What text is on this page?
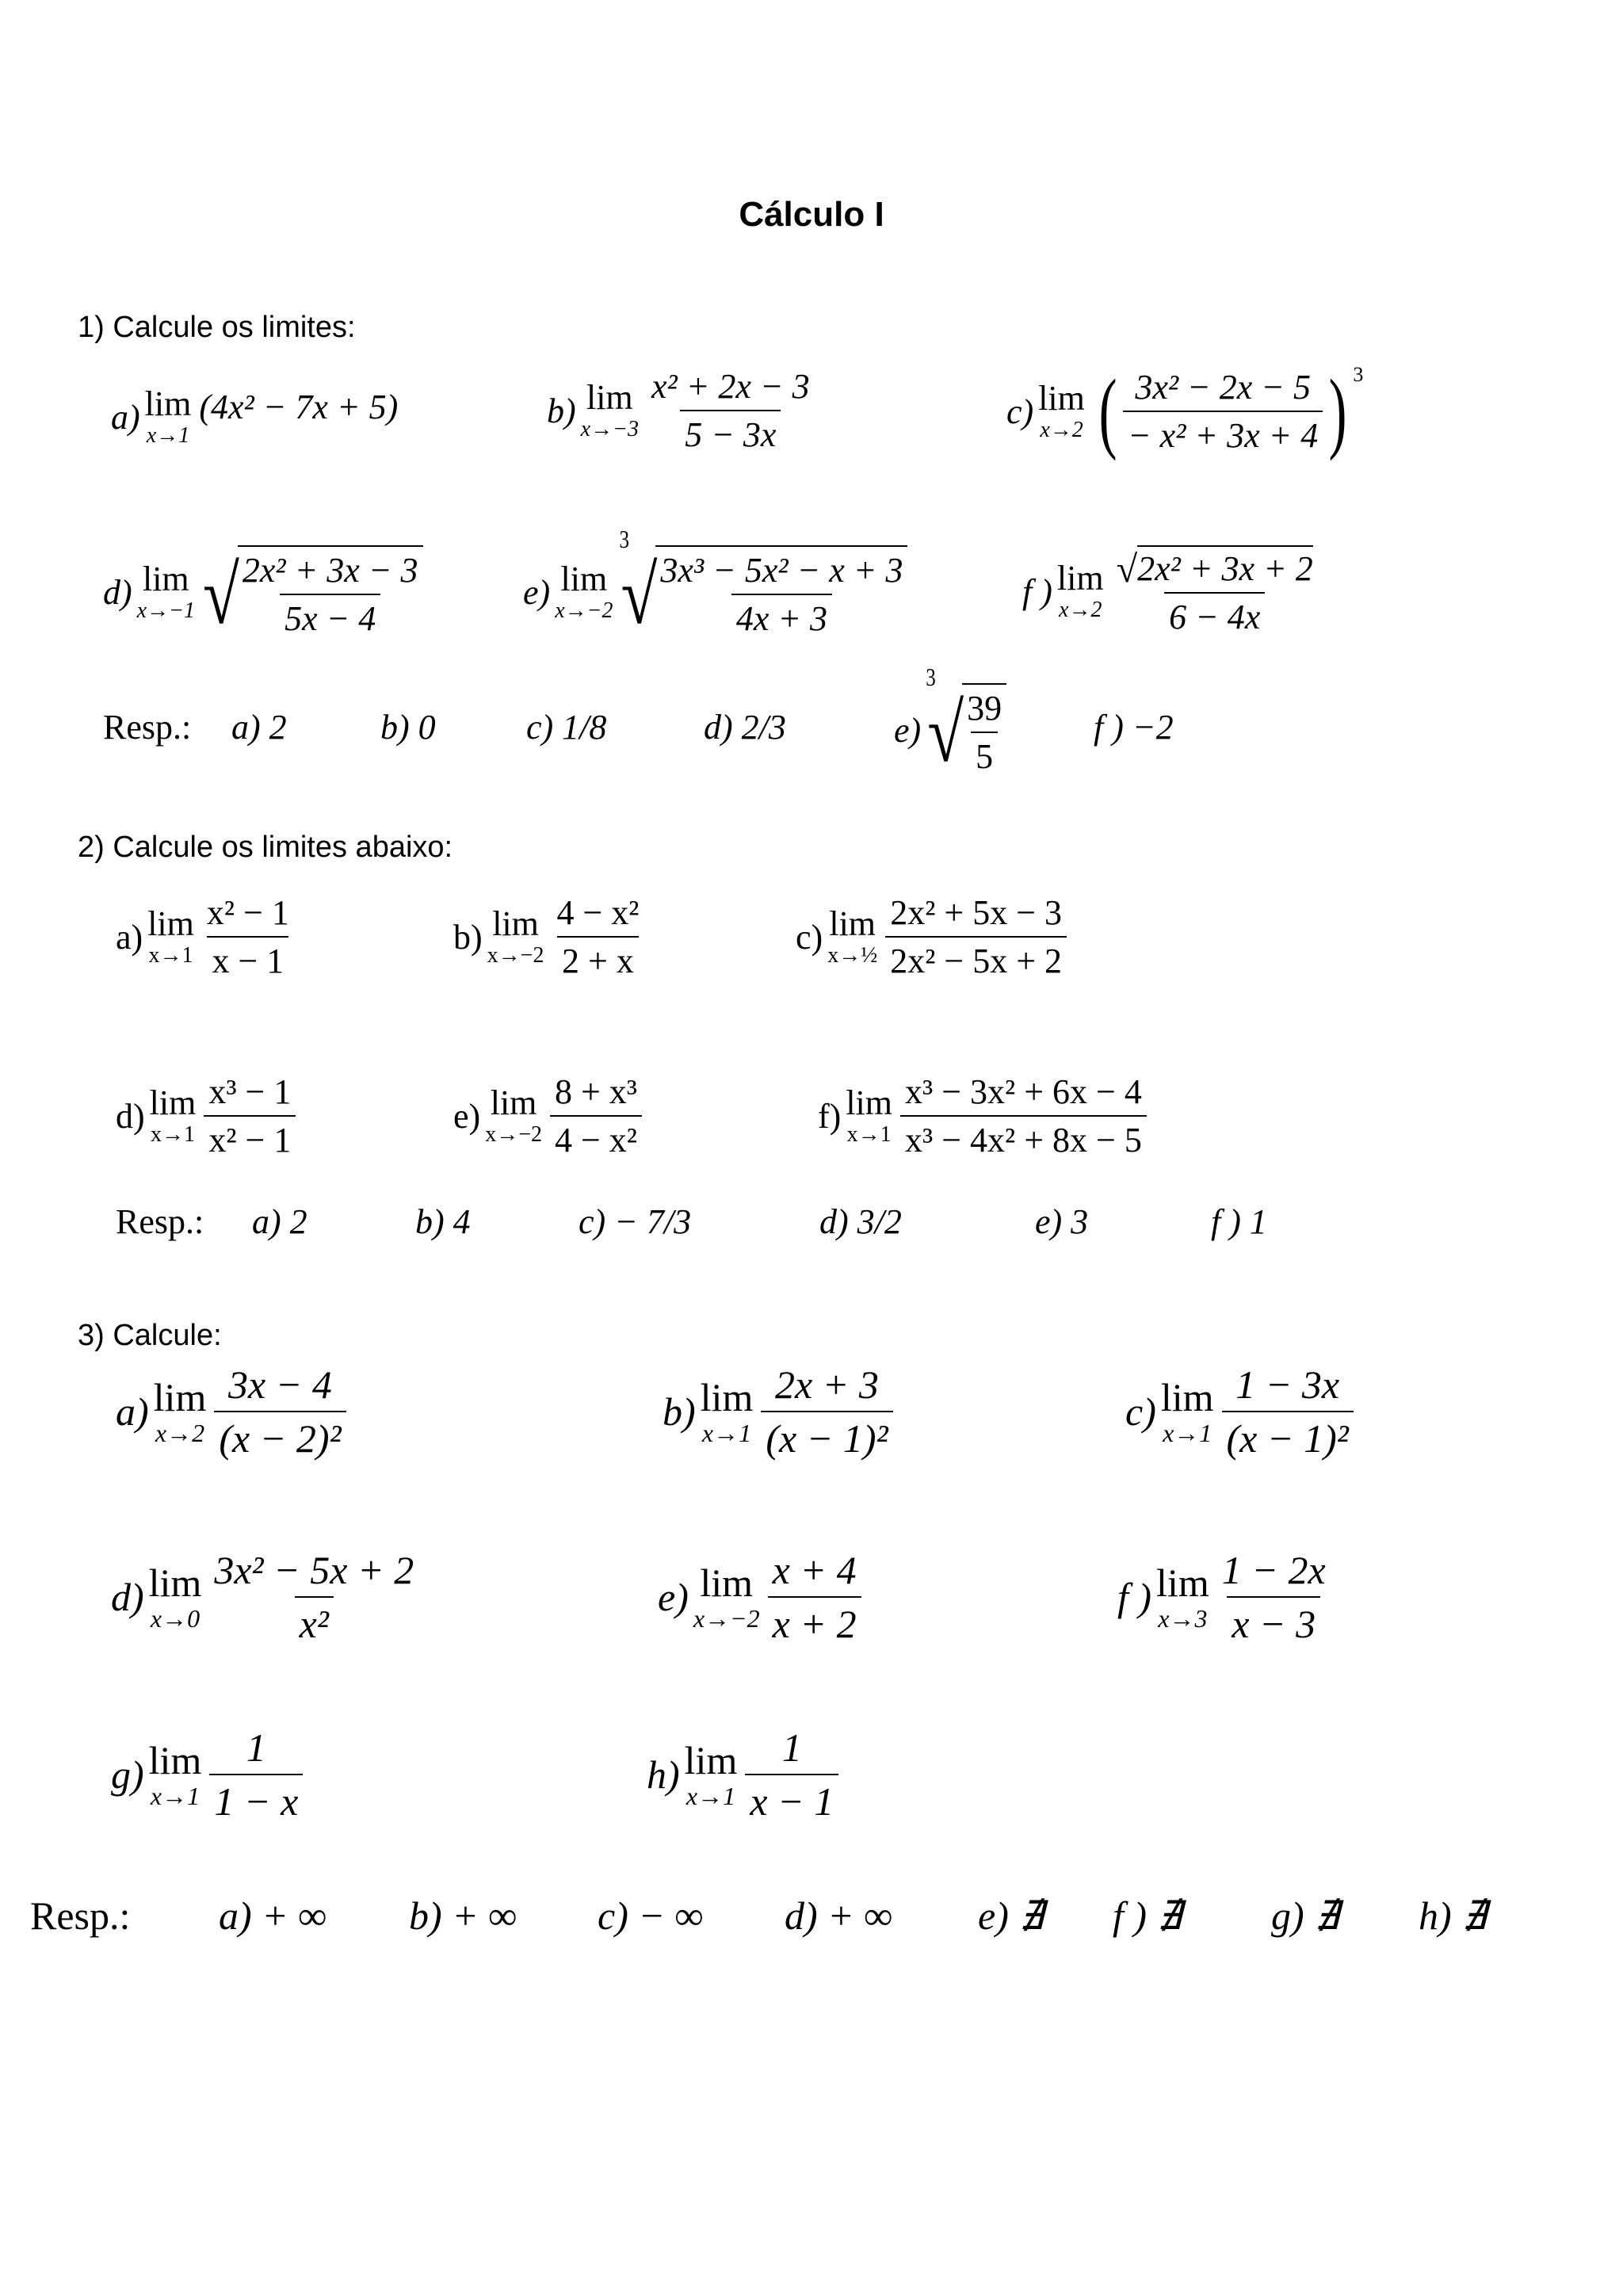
Cálculo I
1) Calcule os limites:
a) lim
x→1
(4x² − 7x + 5)	b) lim
$x\to-3 \frac{\text{x² + 2x − 3}}{5 - 3x}$	c) lim
x→2 ( $\frac{\text{3x² − 2x − 5}}{\text{− x² + 3x + 4}}$ ) 3
d) lim
x→−1 √
$\frac{\text{2x² + 3x − 3}}{5x - 4}$	e) lim
x→−2
3
√
$\frac{\text{3x³ − 5x² − x + 3}}{4x + 3}$	f ) lim
$x\to 2 \frac{\text{√ 2x² + 3x + 2}}{6 - 4x}$
Resp.: a) 2	b) 0	c) 1/8	d) 2/3	e)
3
√
$\frac{39}{5}$ f ) −2
2) Calcule os limites abaixo:
a) lim
$x\to 1 \frac{\text{x² − 1}}{x - 1}$	b) lim
$x\to-2 \frac{\text{4 − x²}}{2 + x}$	c) lim
x→½ $\frac{\text{2x² + 5x − 3}}{\text{2x² − 5x + 2}}$
d) lim
$x\to 1 \frac{\text{x³ − 1}}{\text{x² − 1}}$	e) lim
$x\to-2 \frac{\text{8 + x³}}{\text{4 − x²}}$	f) lim
$x\to 1 \frac{\text{x³ − 3x² + 6x − 4}}{\text{x³ − 4x² + 8x − 5}}$
Resp.: a) 2	b) 4	c) − 7/3	d) 3/2	e) 3	f ) 1
3) Calcule:
a) lim
$x\to 2 \frac{3x - 4}{\text{(x − 2)²}}$	b) lim
$x\to 1 \frac{2x + 3}{\text{(x − 1)²}}$	c) lim
$x\to 1 \frac{1 - 3x}{\text{(x − 1)²}}$
d) lim
$x\to 0 \frac{\text{3x² − 5x + 2}}{\text{x²}}$	e) lim
$x\to-2 \frac{x + 4}{x + 2}$	f ) lim
$x\to 3 \frac{1 - 2x}{x - 3}$
g) lim
$x\to 1 \frac{1}{1 - x}$	h) lim
$x\to 1 \frac{1}{x - 1}$
Resp.: a) + ∞ b) + ∞ c) − ∞ d) + ∞ e) ∄ f ) ∄ g) ∄ h) ∄
